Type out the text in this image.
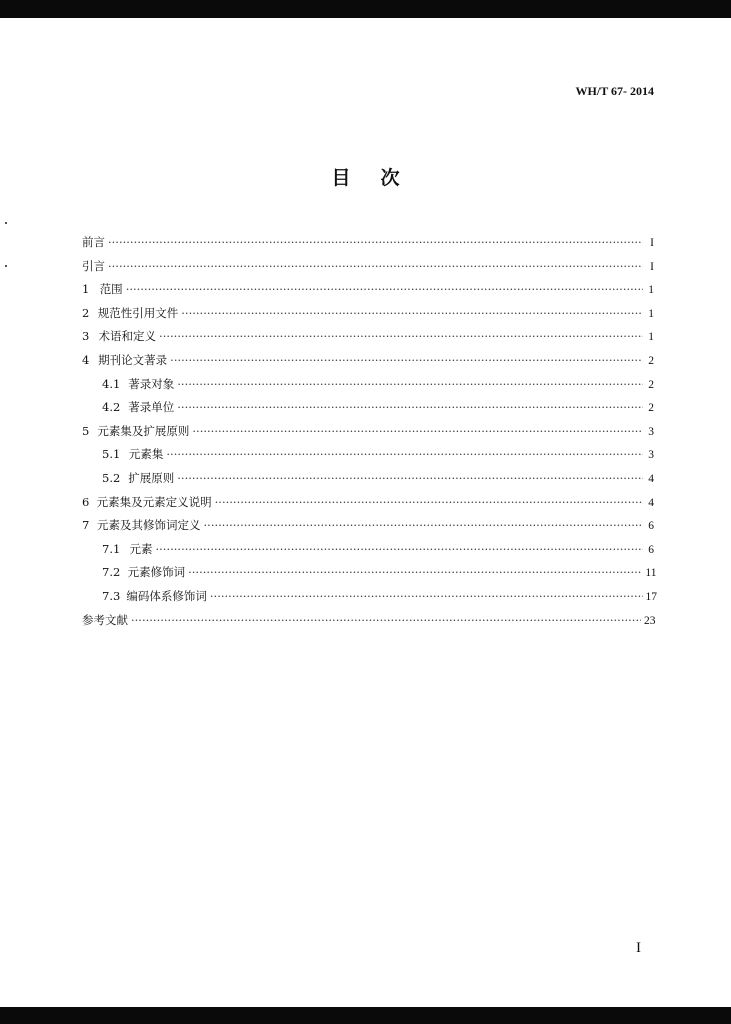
WH/T 67- 2014
目次
前言 ·····	I
引言 ·····	I
1 范围 ·····	1
2 规范性引用文件 ·····	1
3 术语和定义 ·····	1
4 期刊论文著录 ·····	2
4.1 著录对象 ·····	2
4.2 著录单位 ·····	2
5 元素集及扩展原则 ·····	3
5.1 元素集 ·····	3
5.2 扩展原则 ·····	4
6 元素集及元素定义说明 ·····	4
7 元素及其修饰词定义 ·····	6
7.1 元素 ·····	6
7.2 元素修饰词 ·····	11
7.3 编码体系修饰词 ·····	17
参考文献 ·····	23
I
